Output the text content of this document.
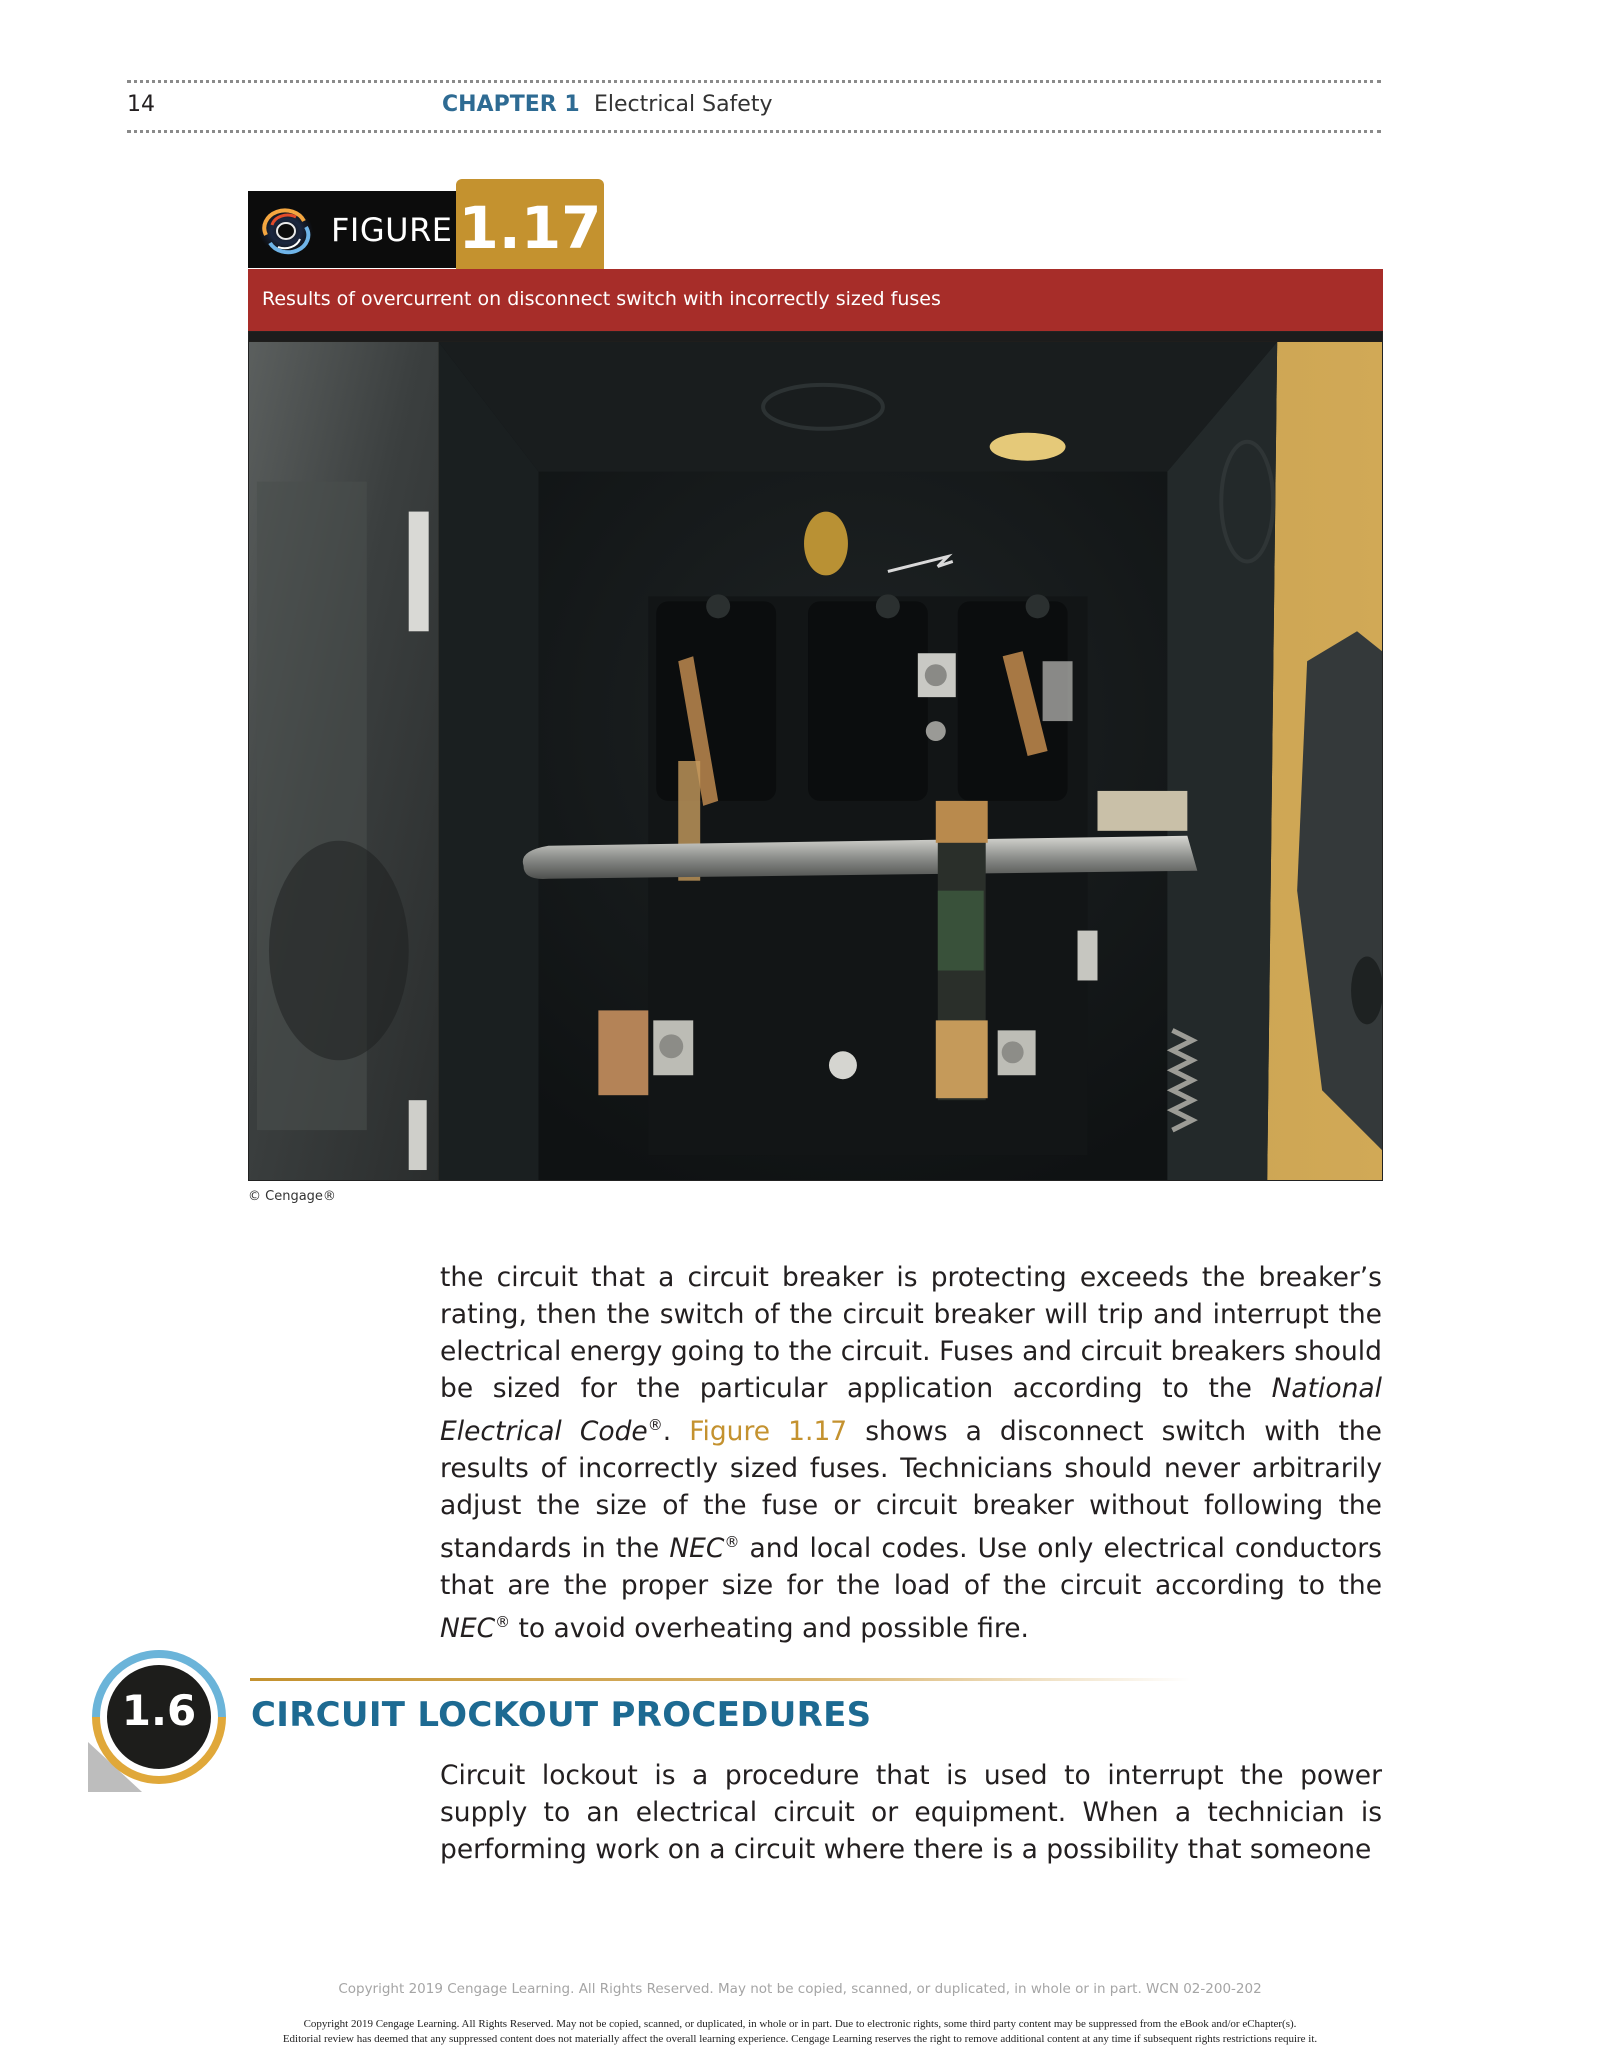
14	CHAPTER 1 Electrical Safety
FIGURE 1.17
Results of overcurrent on disconnect switch with incorrectly sized fuses
© Cengage®

the circuit that a circuit breaker is protecting exceeds the breaker’s rating, then the switch of the circuit breaker will trip and interrupt the electrical energy going to the circuit. Fuses and circuit breakers should be sized for the particular application according to the National Electrical Code®. Figure 1.17 shows a disconnect switch with the results of incorrectly sized fuses. Technicians should never arbitrarily adjust the size of the fuse or circuit breaker without following the standards in the NEC® and local codes. Use only electrical conductors that are the proper size for the load of the circuit according to the NEC® to avoid overheating and possible fire.

1.6	CIRCUIT LOCKOUT PROCEDURES

Circuit lockout is a procedure that is used to interrupt the power supply to an electrical circuit or equipment. When a technician is performing work on a circuit where there is a possibility that someone

Copyright 2019 Cengage Learning. All Rights Reserved. May not be copied, scanned, or duplicated, in whole or in part. WCN 02-200-202
Copyright 2019 Cengage Learning. All Rights Reserved. May not be copied, scanned, or duplicated, in whole or in part. Due to electronic rights, some third party content may be suppressed from the eBook and/or eChapter(s).
Editorial review has deemed that any suppressed content does not materially affect the overall learning experience. Cengage Learning reserves the right to remove additional content at any time if subsequent rights restrictions require it.
